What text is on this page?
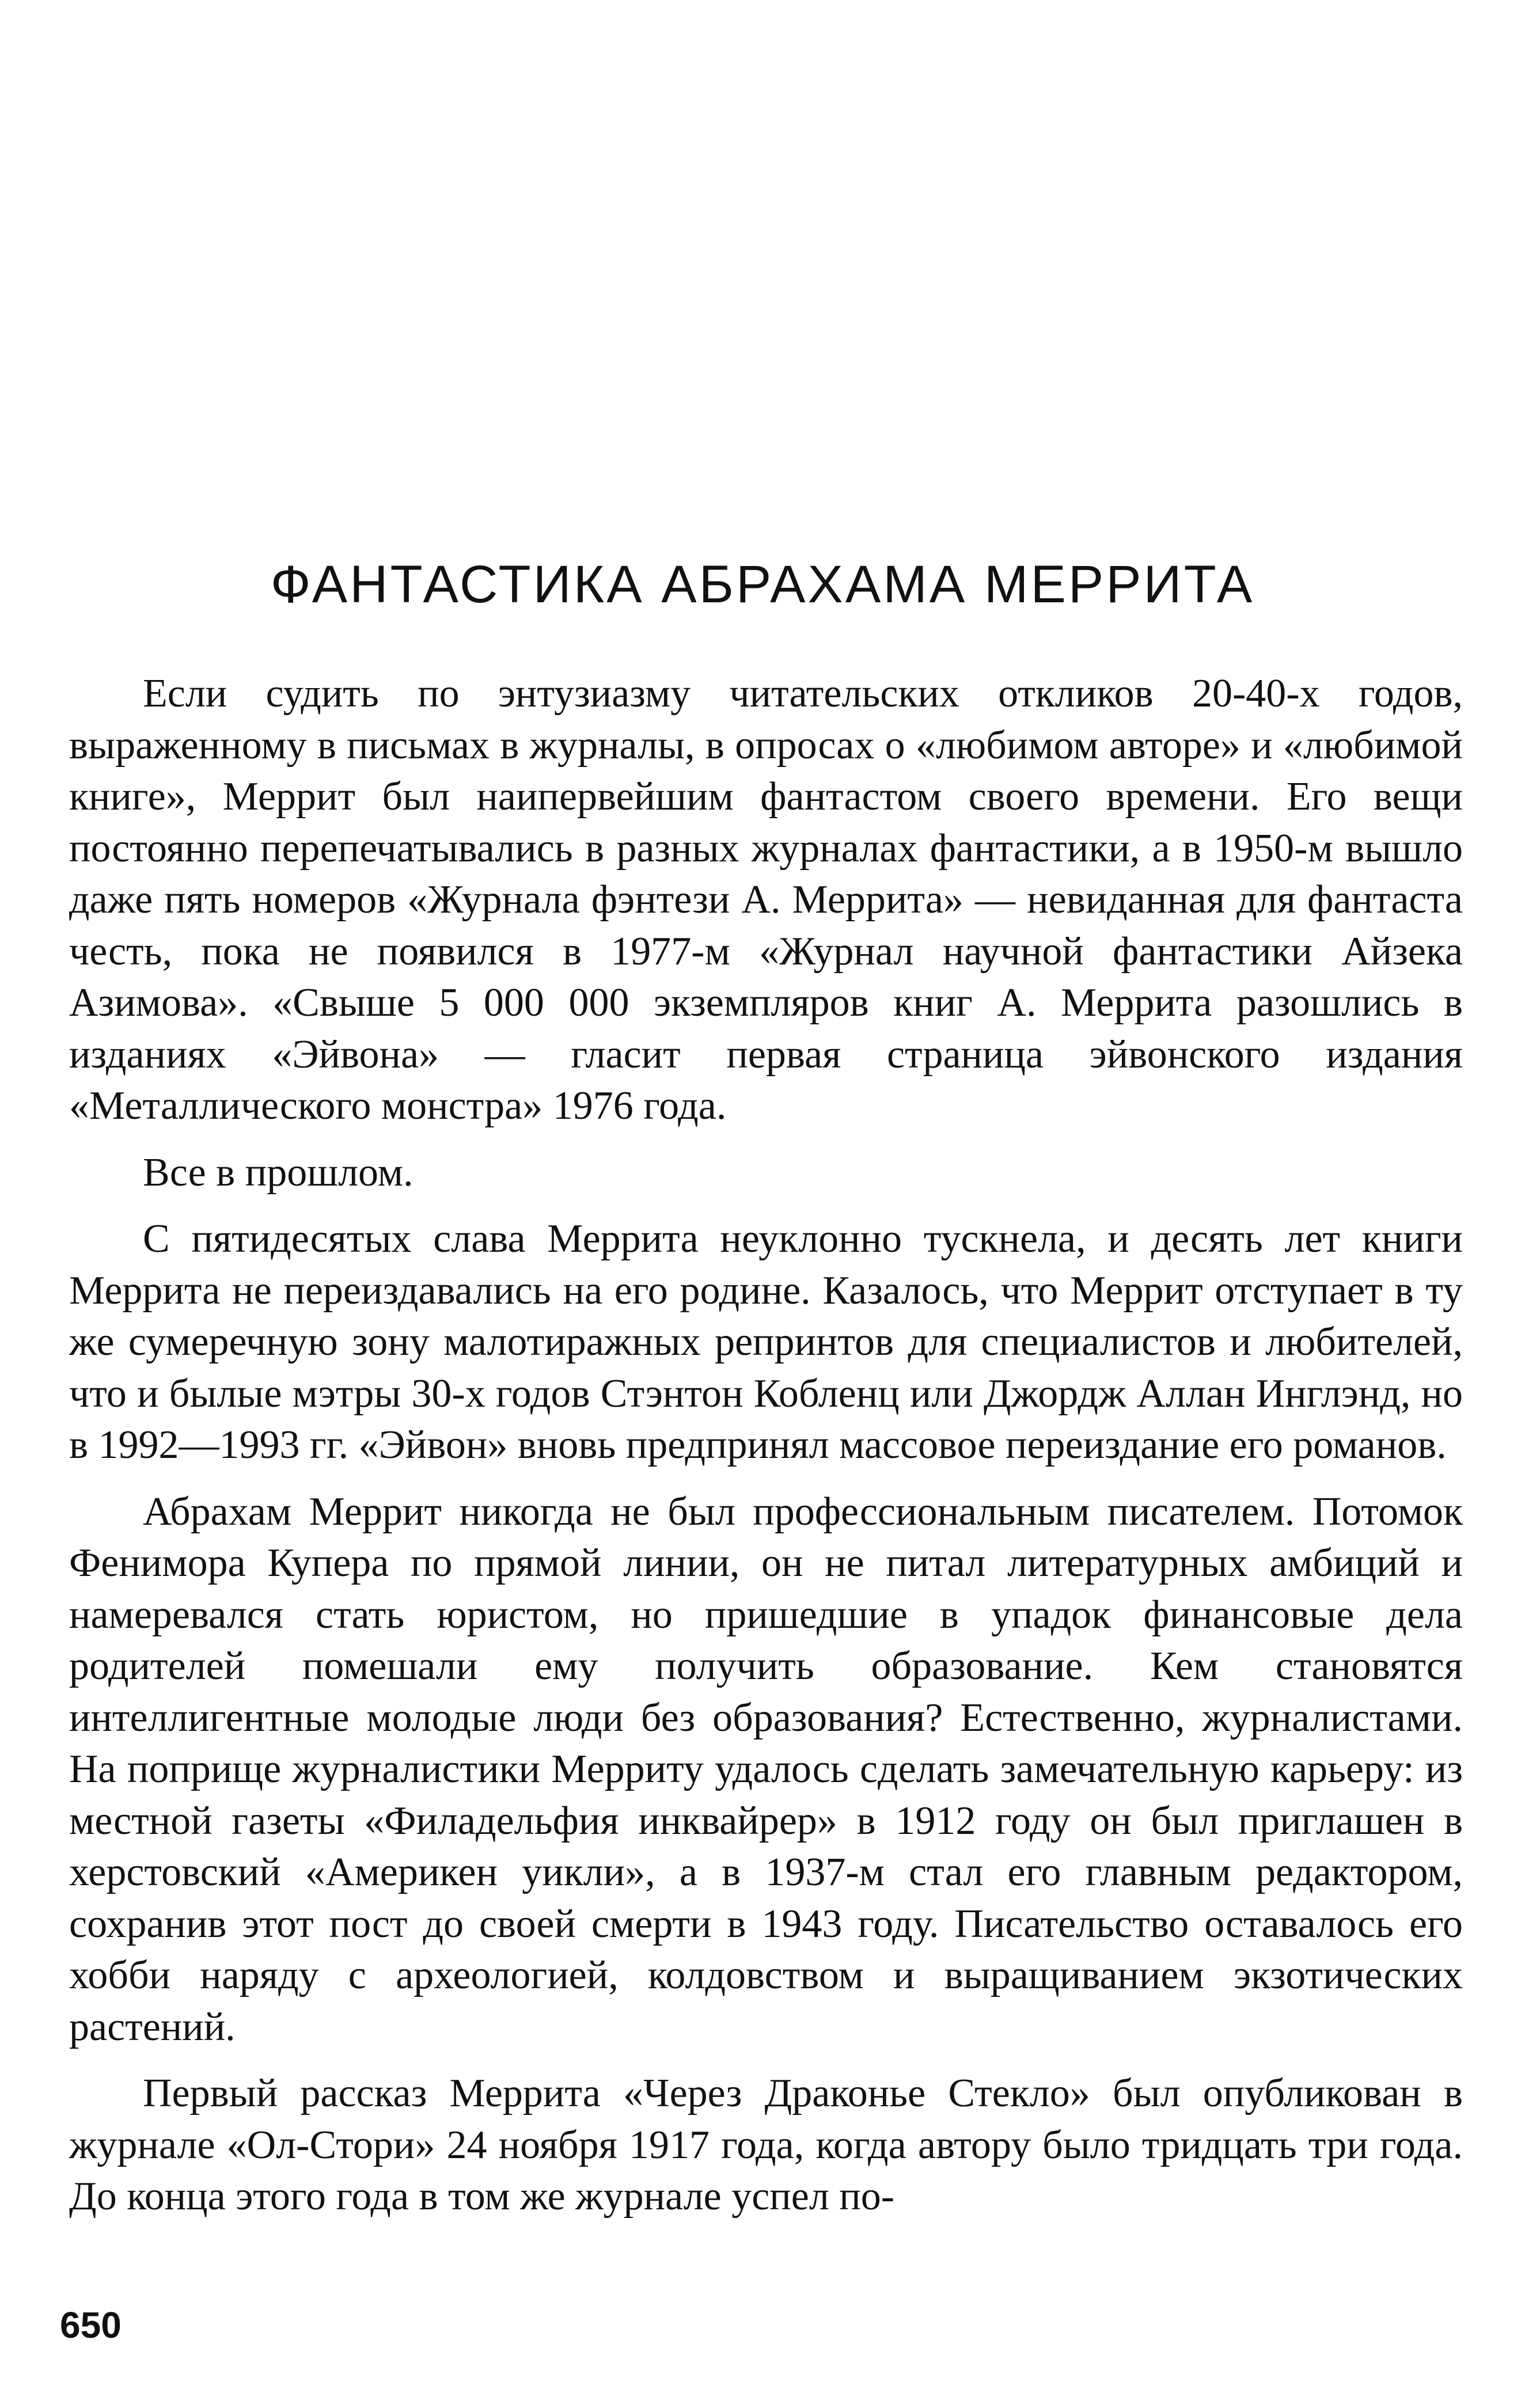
ФАНТАСТИКА АБРАХАМА МЕРРИТА

Если судить по энтузиазму читательских откликов 20-40-х годов, выраженному в письмах в журналы, в опросах о «любимом авторе» и «любимой книге», Меррит был наипервейшим фантастом своего времени. Его вещи постоянно перепечатывались в разных журналах фантастики, а в 1950-м вышло даже пять номеров «Журнала фэнтези А. Меррита» — невиданная для фантаста честь, пока не появился в 1977-м «Журнал научной фантастики Айзека Азимова». «Свыше 5 000 000 экземпляров книг А. Меррита разошлись в изданиях «Эйвона» — гласит первая страница эйвонского издания «Металлического монстра» 1976 года.

Все в прошлом.

С пятидесятых слава Меррита неуклонно тускнела, и десять лет книги Меррита не переиздавались на его родине. Казалось, что Меррит отступает в ту же сумеречную зону малотиражных репринтов для специалистов и любителей, что и былые мэтры 30-х годов Стэнтон Кобленц или Джордж Аллан Инглэнд, но в 1992—1993 гг. «Эйвон» вновь предпринял массовое переиздание его романов.

Абрахам Меррит никогда не был профессиональным писателем. Потомок Фенимора Купера по прямой линии, он не питал литературных амбиций и намеревался стать юристом, но пришедшие в упадок финансовые дела родителей помешали ему получить образование. Кем становятся интеллигентные молодые люди без образования? Естественно, журналистами. На поприще журналистики Мерриту удалось сделать замечательную карьеру: из местной газеты «Филадельфия инквайрер» в 1912 году он был приглашен в херстовский «Америкен уикли», а в 1937-м стал его главным редактором, сохранив этот пост до своей смерти в 1943 году. Писательство оставалось его хобби наряду с археологией, колдовством и выращиванием экзотических растений.

Первый рассказ Меррита «Через Драконье Стекло» был опубликован в журнале «Ол-Стори» 24 ноября 1917 года, когда автору было тридцать три года. До конца этого года в том же журнале успел по-

650
